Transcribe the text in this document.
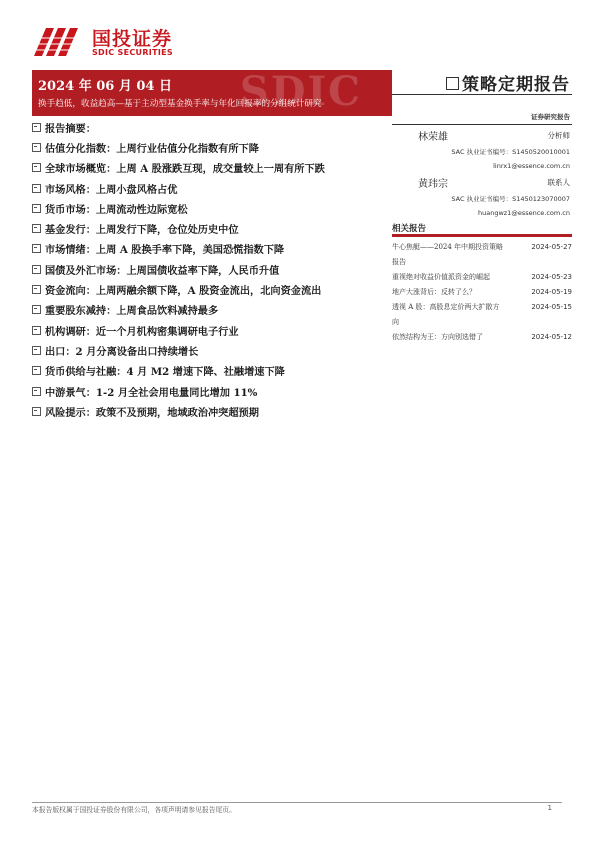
国投证券
SDIC SECURITIES
SDIC
2024 年 06 月 04 日
换手趋低，收益趋高—基于主动型基金换手率与年化回报率的分组统计研究
策略定期报告
证券研究报告
报告摘要：
估值分化指数：上周行业估值分化指数有所下降
全球市场概览：上周 A 股涨跌互现，成交量较上一周有所下跌
市场风格：上周小盘风格占优
货币市场：上周流动性边际宽松
基金发行：上周发行下降，仓位处历史中位
市场情绪：上周 A 股换手率下降，美国恐慌指数下降
国债及外汇市场：上周国债收益率下降，人民币升值
资金流向：上周两融余额下降，A 股资金流出，北向资金流出
重要股东减持：上周食品饮料减持最多
机构调研：近一个月机构密集调研电子行业
出口：2 月分离设备出口持续增长
货币供给与社融：4 月 M2 增速下降、社融增速下降
中游景气：1-2 月全社会用电量同比增加 11%
风险提示：政策不及预期，地域政治冲突超预期
林荣雄	分析师
SAC 执业证书编号：S1450520010001
linrx1@essence.com.cn
黄玮宗	联系人
SAC 执业证书编号：S1450123070007
huangwz1@essence.com.cn
相关报告
牛心焦艇——2024 年中期投资策略报告
2024-05-27
重视绝对收益价值派资金的崛起	2024-05-23
地产大涨背后：反转了么？	2024-05-19
透视 A 股：高股息定价两大扩散方向
2024-05-15
依然结构为王：方向别选错了	2024-05-12
本报告版权属于国投证券股份有限公司，各项声明请参见报告尾页。	1
